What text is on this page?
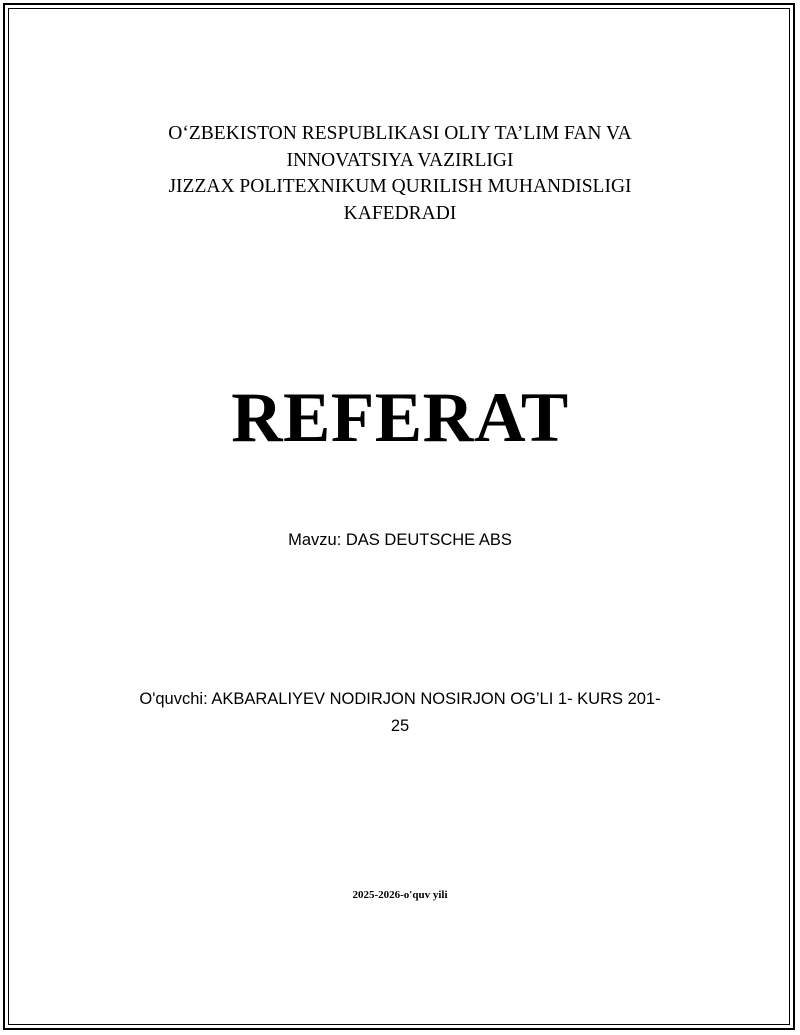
O‘ZBEKISTON RESPUBLIKASI OLIY TA’LIM FAN VA
INNOVATSIYA VAZIRLIGI
JIZZAX POLITEXNIKUM QURILISH MUHANDISLIGI
KAFEDRADI
REFERAT
Mavzu: DAS DEUTSCHE ABS
O'quvchi: AKBARALIYEV NODIRJON NOSIRJON OG’LI 1- KURS 201-
25
2025-2026-o'quv yili
